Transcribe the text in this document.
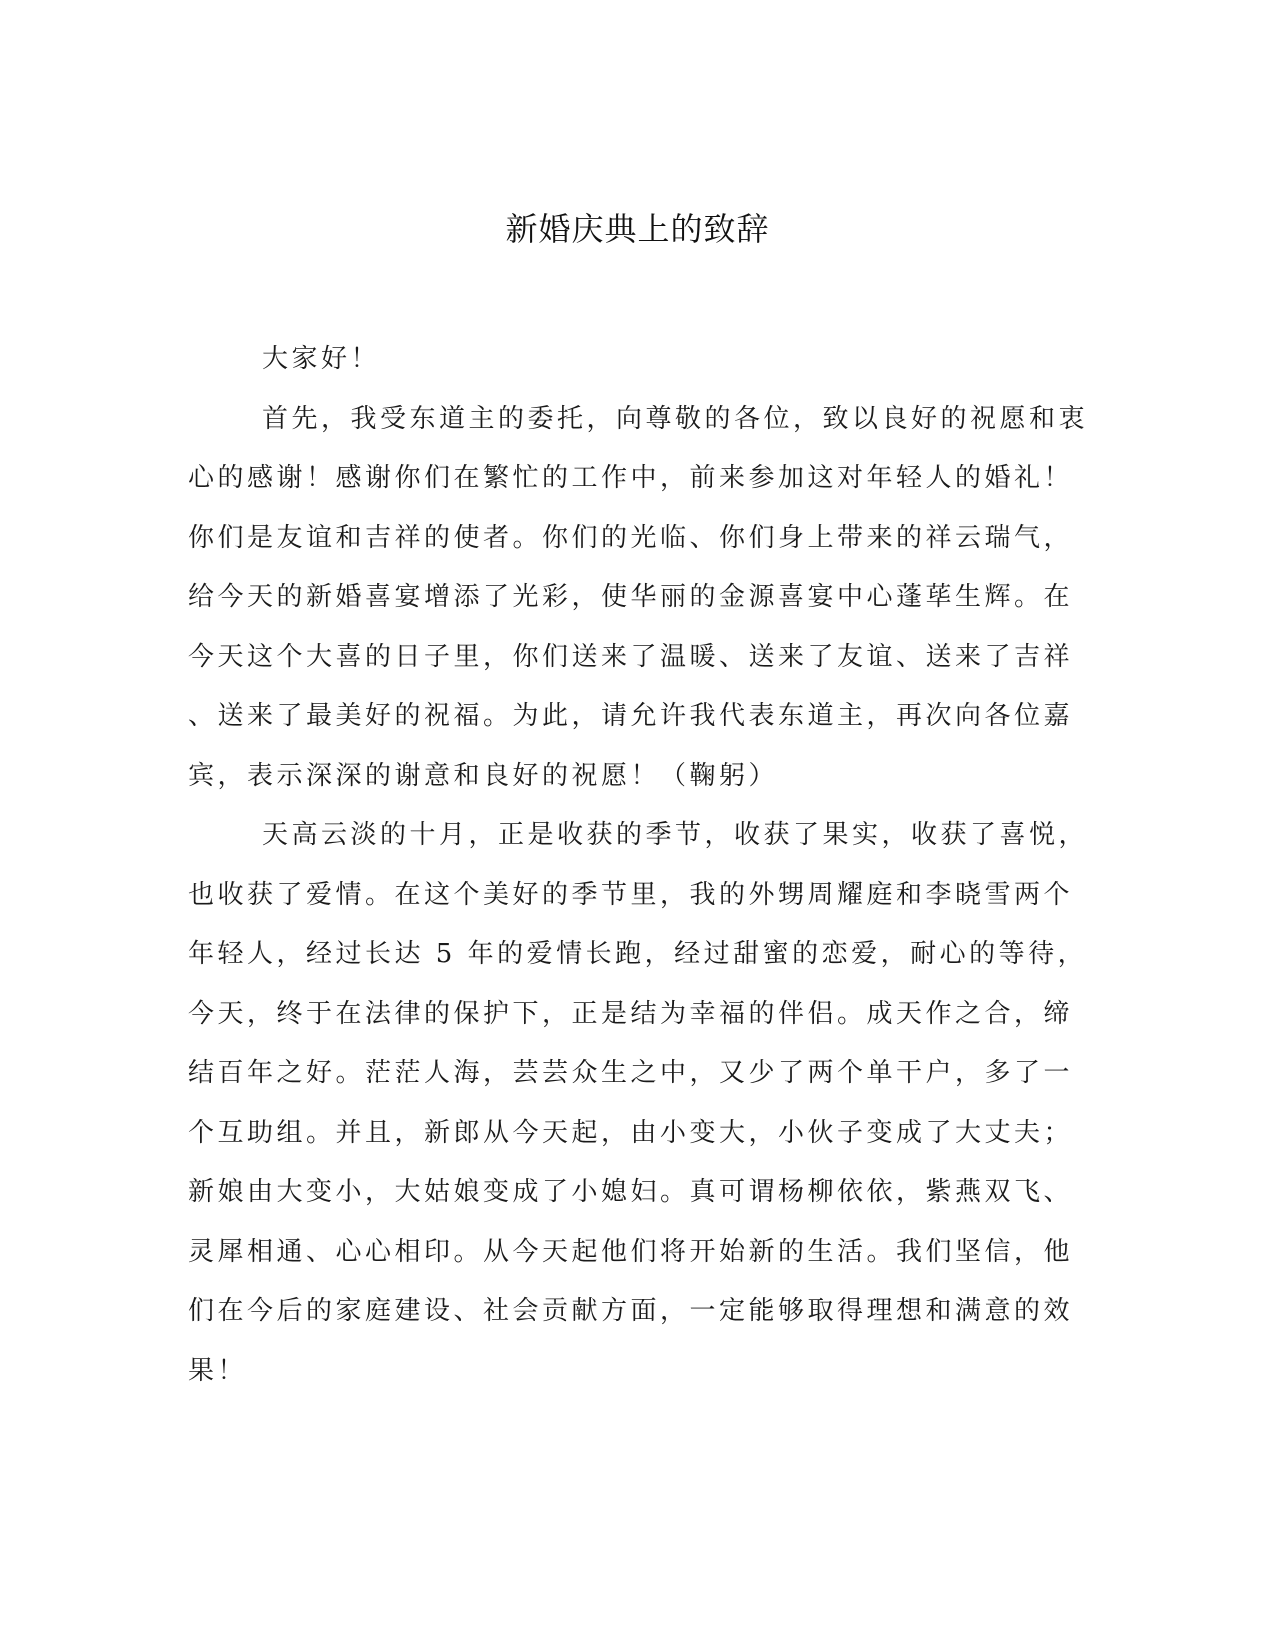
新婚庆典上的致辞
大家好！
首先，我受东道主的委托，向尊敬的各位，致以良好的祝愿和衷
心的感谢！感谢你们在繁忙的工作中，前来参加这对年轻人的婚礼！
你们是友谊和吉祥的使者。你们的光临、你们身上带来的祥云瑞气，
给今天的新婚喜宴增添了光彩，使华丽的金源喜宴中心蓬荜生辉。在
今天这个大喜的日子里，你们送来了温暖、送来了友谊、送来了吉祥
、送来了最美好的祝福。为此，请允许我代表东道主，再次向各位嘉
宾，表示深深的谢意和良好的祝愿！（鞠躬）
天高云淡的十月，正是收获的季节，收获了果实，收获了喜悦，
也收获了爱情。在这个美好的季节里，我的外甥周耀庭和李晓雪两个
年轻人，经过长达 5 年的爱情长跑，经过甜蜜的恋爱，耐心的等待，
今天，终于在法律的保护下，正是结为幸福的伴侣。成天作之合，缔
结百年之好。茫茫人海，芸芸众生之中，又少了两个单干户，多了一
个互助组。并且，新郎从今天起，由小变大，小伙子变成了大丈夫；
新娘由大变小，大姑娘变成了小媳妇。真可谓杨柳依依，紫燕双飞、
灵犀相通、心心相印。从今天起他们将开始新的生活。我们坚信，他
们在今后的家庭建设、社会贡献方面，一定能够取得理想和满意的效
果！
